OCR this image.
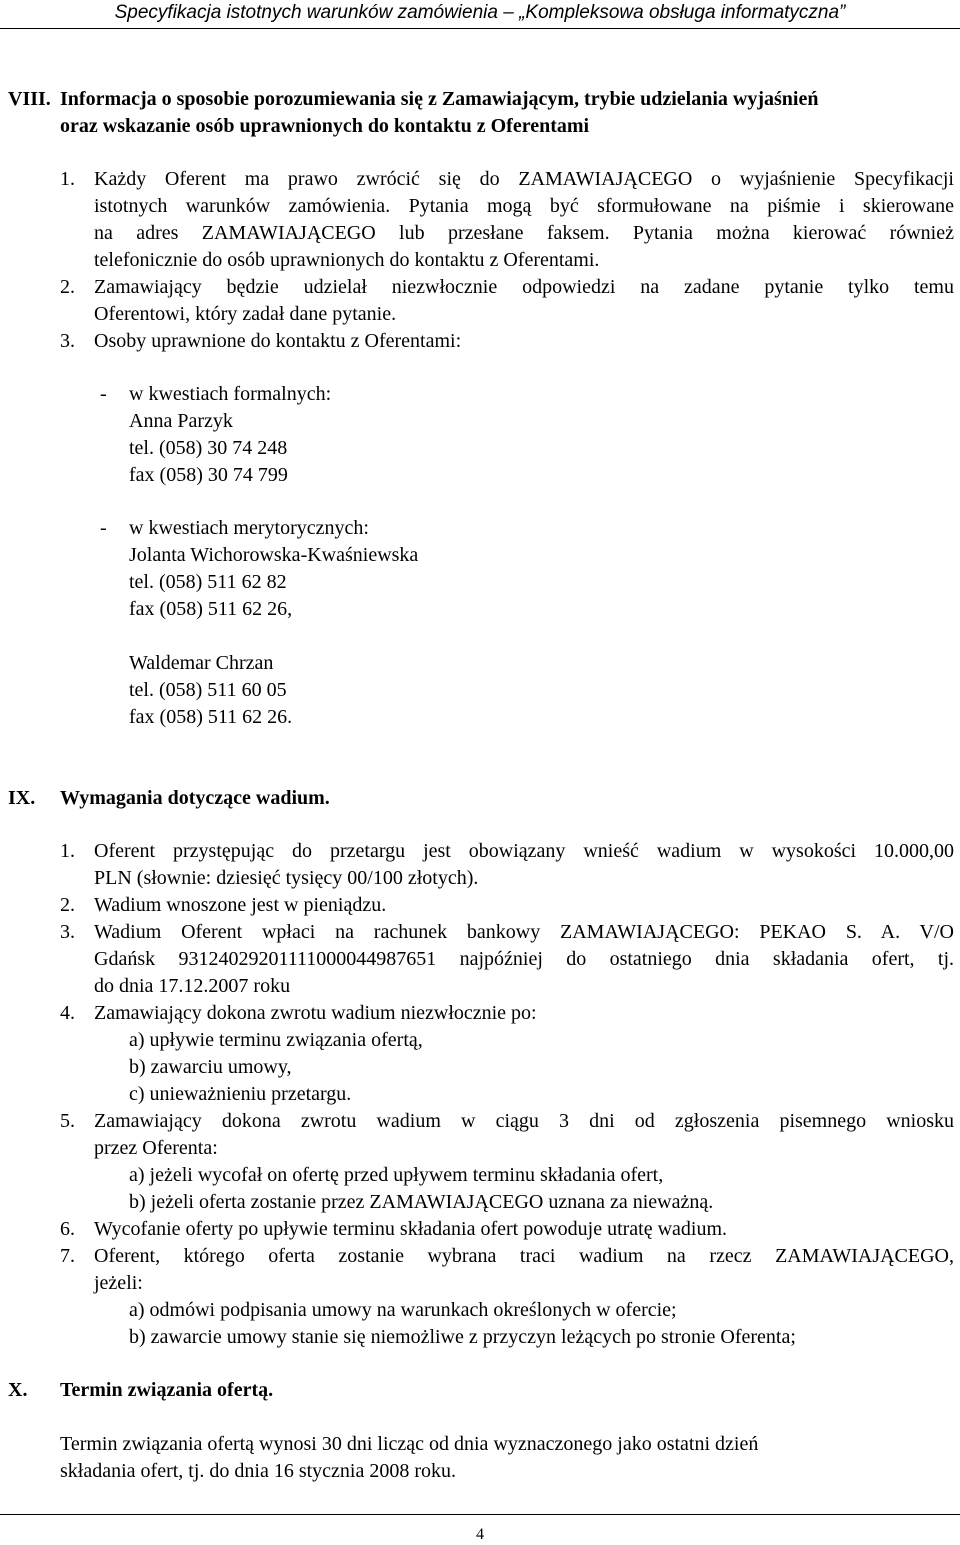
Specyfikacja istotnych warunków zamówienia – „Kompleksowa obsługa informatyczna”
VIII. Informacja o sposobie porozumiewania się z Zamawiającym, trybie udzielania wyjaśnień
oraz wskazanie osób uprawnionych do kontaktu z Oferentami
1. Każdy Oferent ma prawo zwrócić się do ZAMAWIAJĄCEGO o wyjaśnienie Specyfikacji
istotnych warunków zamówienia. Pytania mogą być sformułowane na piśmie i skierowane
na adres ZAMAWIAJĄCEGO lub przesłane faksem. Pytania można kierować również
telefonicznie do osób uprawnionych do kontaktu z Oferentami.
2. Zamawiający będzie udzielał niezwłocznie odpowiedzi na zadane pytanie tylko temu
Oferentowi, który zadał dane pytanie.
3. Osoby uprawnione do kontaktu z Oferentami:
- w kwestiach formalnych:
Anna Parzyk
tel. (058) 30 74 248
fax (058) 30 74 799
- w kwestiach merytorycznych:
Jolanta Wichorowska-Kwaśniewska
tel. (058) 511 62 82
fax (058) 511 62 26,
Waldemar Chrzan
tel. (058) 511 60 05
fax (058) 511 62 26.
IX. Wymagania dotyczące wadium.
1. Oferent przystępując do przetargu jest obowiązany wnieść wadium w wysokości 10.000,00
PLN (słownie: dziesięć tysięcy 00/100 złotych).
2. Wadium wnoszone jest w pieniądzu.
3. Wadium Oferent wpłaci na rachunek bankowy ZAMAWIAJĄCEGO: PEKAO S. A. V/O
Gdańsk 93124029201111000044987651 najpóźniej do ostatniego dnia składania ofert, tj.
do dnia 17.12.2007 roku
4. Zamawiający dokona zwrotu wadium niezwłocznie po:
a) upływie terminu związania ofertą,
b) zawarciu umowy,
c) unieważnieniu przetargu.
5. Zamawiający dokona zwrotu wadium w ciągu 3 dni od zgłoszenia pisemnego wniosku
przez Oferenta:
a) jeżeli wycofał on ofertę przed upływem terminu składania ofert,
b) jeżeli oferta zostanie przez ZAMAWIAJĄCEGO uznana za nieważną.
6. Wycofanie oferty po upływie terminu składania ofert powoduje utratę wadium.
7. Oferent, którego oferta zostanie wybrana traci wadium na rzecz ZAMAWIAJĄCEGO,
jeżeli:
a) odmówi podpisania umowy na warunkach określonych w ofercie;
b) zawarcie umowy stanie się niemożliwe z przyczyn leżących po stronie Oferenta;
X. Termin związania ofertą.
Termin związania ofertą wynosi 30 dni licząc od dnia wyznaczonego jako ostatni dzień
składania ofert, tj. do dnia 16 stycznia 2008 roku.
4
